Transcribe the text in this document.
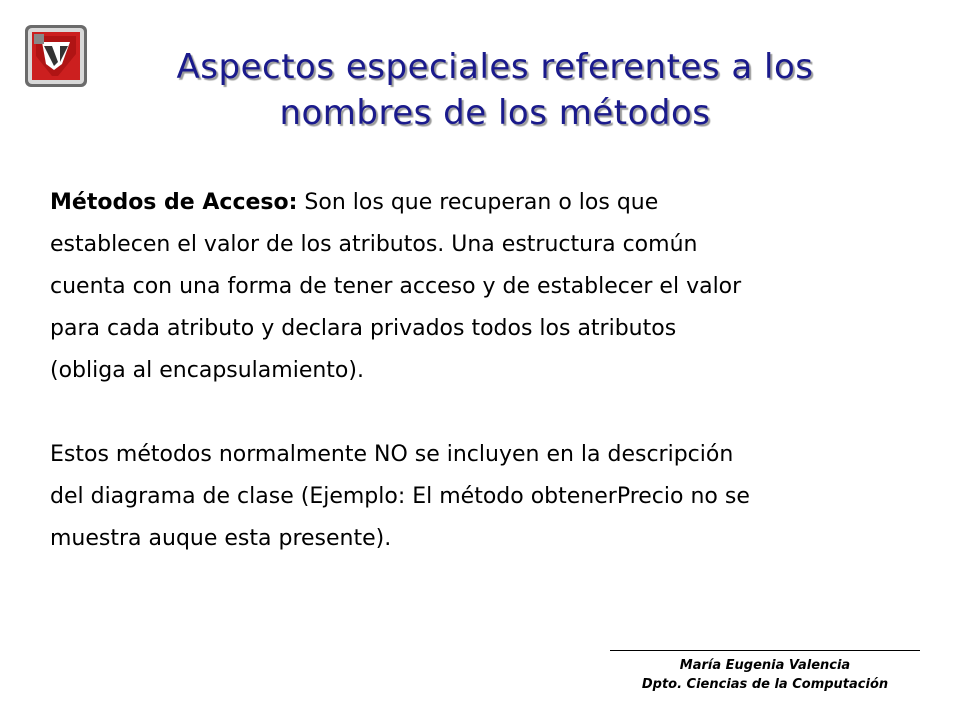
Aspectos especiales referentes a los
nombres de los métodos

Métodos de Acceso: Son los que recuperan o los que

establecen el valor de los atributos. Una estructura común

cuenta con una forma de tener acceso y de establecer el valor

para cada atributo y declara privados todos los atributos

(obliga al encapsulamiento).

Estos métodos normalmente NO se incluyen en la descripción

del diagrama de clase (Ejemplo: El método obtenerPrecio no se

muestra auque esta presente).

María Eugenia Valencia
Dpto. Ciencias de la Computación
